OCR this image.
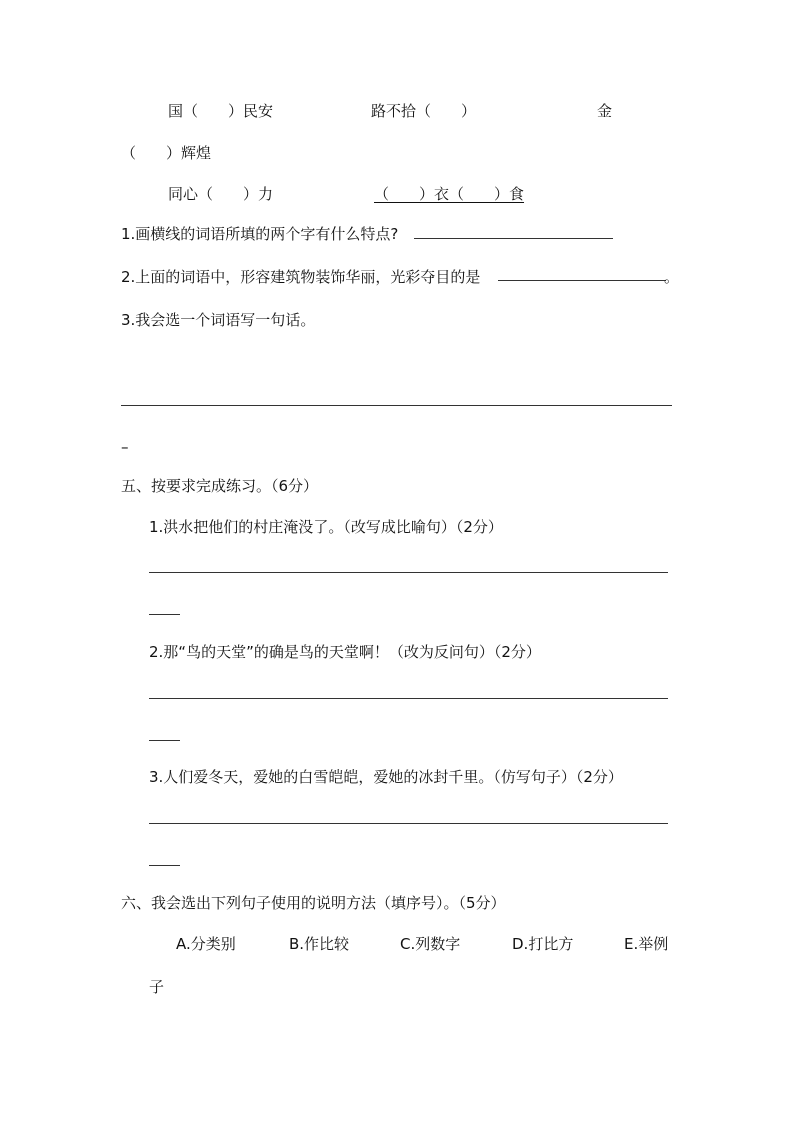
国（　　）民安	路不拾（　　）	金
（　　）辉煌
同心（　　）力	（　　）衣（　　）食
1.画横线的词语所填的两个字有什么特点?
2.上面的词语中，形容建筑物装饰华丽，光彩夺目的是	。
3.我会选一个词语写一句话。
–
五、按要求完成练习。（6分）
1.洪水把他们的村庄淹没了。（改写成比喻句）（2分）
2.那“鸟的天堂”的确是鸟的天堂啊！（改为反问句）（2分）
3.人们爱冬天，爱她的白雪皑皑，爱她的冰封千里。（仿写句子）（2分）
六、我会选出下列句子使用的说明方法（填序号）。（5分）
A.分类别	B.作比较	C.列数字	D.打比方	E.举例
子
